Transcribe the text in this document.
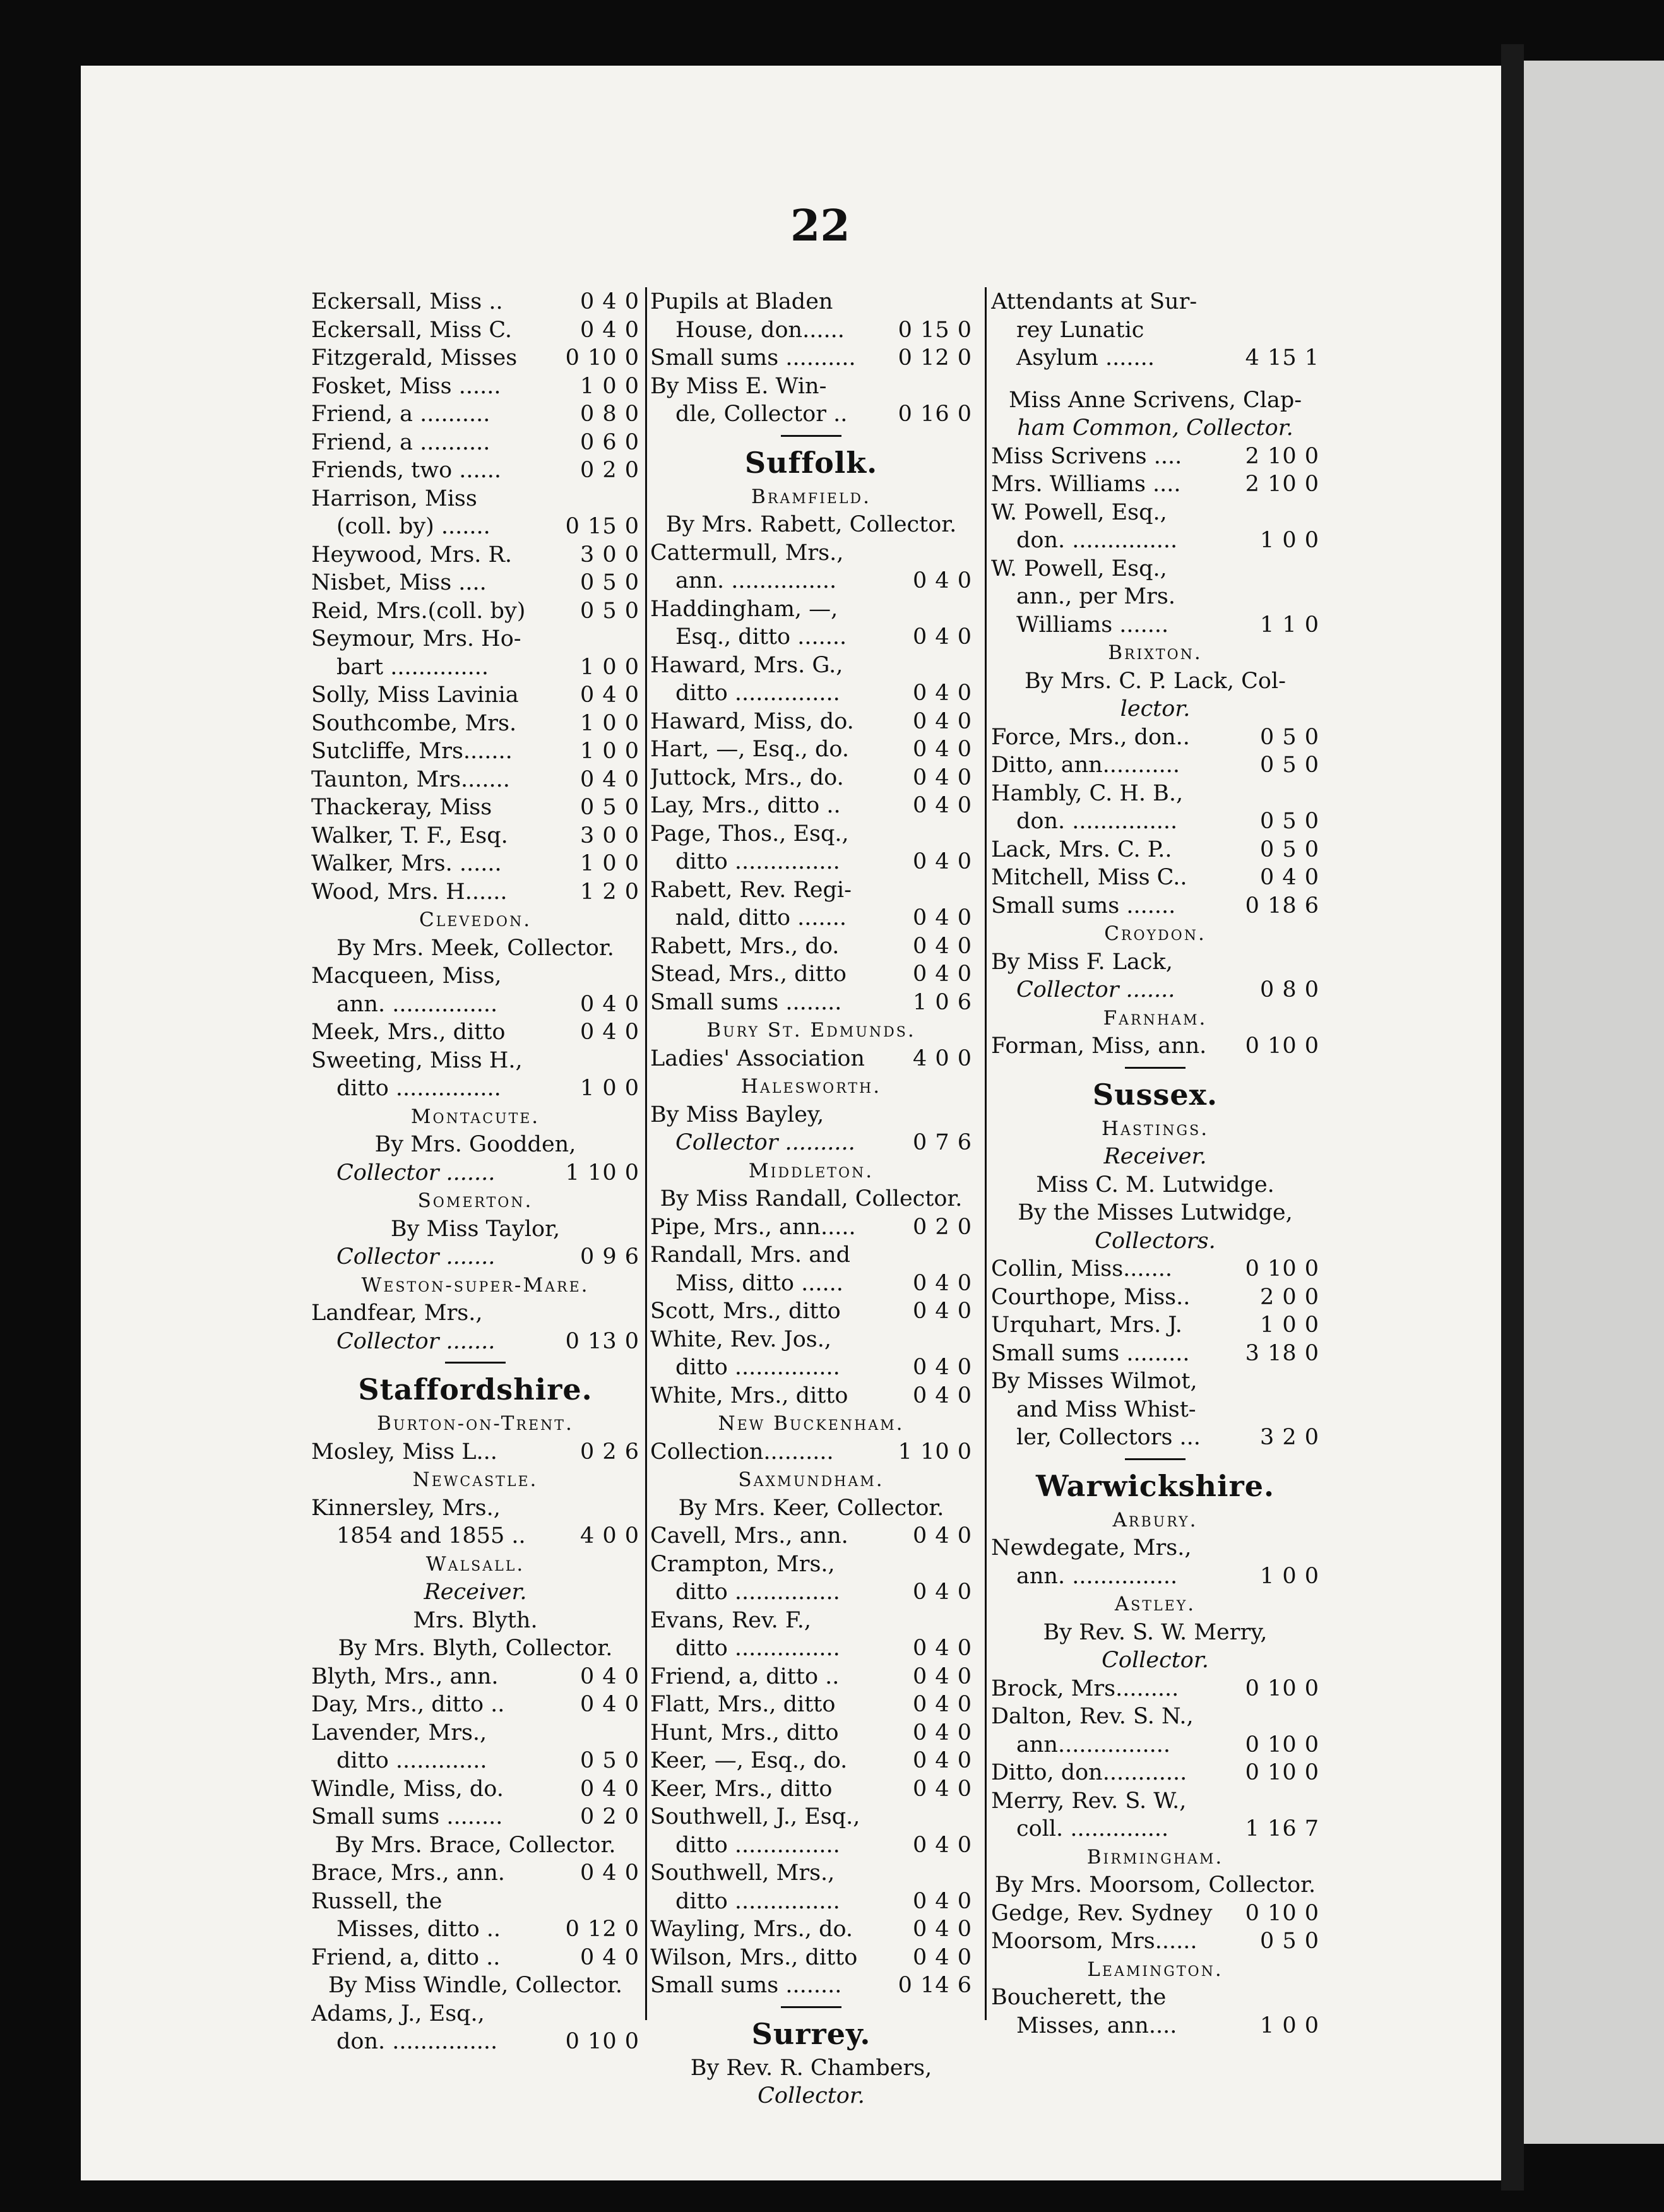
22
Eckersall, Miss ..	0 4 0
Eckersall, Miss C.	0 4 0
Fitzgerald, Misses 0 10 0
Fosket, Miss ......	1 0 0
Friend, a ..........	0 8 0
Friend, a ..........	0 6 0
Friends, two ......	0 2 0
Harrison, Miss
(coll. by) .......	0 15 0
Heywood, Mrs. R.	3 0 0
Nisbet, Miss ....	0 5 0
Reid, Mrs.(coll. by) 0 5 0
Seymour, Mrs. Ho-
bart ..............	1 0 0
Solly, Miss Lavinia	0 4 0
Southcombe, Mrs.	1 0 0
Sutcliffe, Mrs.......	1 0 0
Taunton, Mrs.......	0 4 0
Thackeray, Miss	0 5 0
Walker, T. F., Esq.	3 0 0
Walker, Mrs. ......	1 0 0
Wood, Mrs. H......	1 2 0
Clevedon.
By Mrs. Meek, Collector.
Macqueen, Miss,
ann. ...............	0 4 0
Meek, Mrs., ditto	0 4 0
Sweeting, Miss H.,
ditto ...............	1 0 0
Montacute.
By Mrs. Goodden,
Collector .......	1 10 0
Somerton.
By Miss Taylor,
Collector .......	0 9 6
Weston-super-Mare.
Landfear, Mrs.,
Collector .......	0 13 0
Staffordshire.
Burton-on-Trent.
Mosley, Miss L...	0 2 6
Newcastle.
Kinnersley, Mrs.,
1854 and 1855 .. 4 0 0
Walsall.
Receiver.
Mrs. Blyth.
By Mrs. Blyth, Collector.
Blyth, Mrs., ann.	0 4 0
Day, Mrs., ditto ..	0 4 0
Lavender, Mrs.,
ditto .............	0 5 0
Windle, Miss, do.	0 4 0
Small sums ........	0 2 0
By Mrs. Brace, Collector.
Brace, Mrs., ann.	0 4 0
Russell, the
Misses, ditto ..	0 12 0
Friend, a, ditto ..	0 4 0
By Miss Windle, Collector.
Adams, J., Esq.,
don. ...............	0 10 0
Pupils at Bladen
House, don...... 0 15 0
Small sums .......... 0 12 0
By Miss E. Win-
dle, Collector .. 0 16 0
Suffolk.
Bramfield.
By Mrs. Rabett, Collector.
Cattermull, Mrs.,
ann. ...............	0 4 0
Haddingham, —,
Esq., ditto .......	0 4 0
Haward, Mrs. G.,
ditto ...............	0 4 0
Haward, Miss, do.	0 4 0
Hart, —, Esq., do.	0 4 0
Juttock, Mrs., do.	0 4 0
Lay, Mrs., ditto ..	0 4 0
Page, Thos., Esq.,
ditto ...............	0 4 0
Rabett, Rev. Regi-
nald, ditto .......	0 4 0
Rabett, Mrs., do.	0 4 0
Stead, Mrs., ditto	0 4 0
Small sums ........	1 0 6
Bury St. Edmunds.
Ladies' Association 4 0 0
Halesworth.
By Miss Bayley,
Collector ..........	0 7 6
Middleton.
By Miss Randall, Collector.
Pipe, Mrs., ann.....	0 2 0
Randall, Mrs. and
Miss, ditto ......	0 4 0
Scott, Mrs., ditto	0 4 0
White, Rev. Jos.,
ditto ...............	0 4 0
White, Mrs., ditto	0 4 0
New Buckenham.
Collection..........	1 10 0
Saxmundham.
By Mrs. Keer, Collector.
Cavell, Mrs., ann.	0 4 0
Crampton, Mrs.,
ditto ...............	0 4 0
Evans, Rev. F.,
ditto ...............	0 4 0
Friend, a, ditto ..	0 4 0
Flatt, Mrs., ditto	0 4 0
Hunt, Mrs., ditto	0 4 0
Keer, —, Esq., do.	0 4 0
Keer, Mrs., ditto	0 4 0
Southwell, J., Esq.,
ditto ...............	0 4 0
Southwell, Mrs.,
ditto ...............	0 4 0
Wayling, Mrs., do.	0 4 0
Wilson, Mrs., ditto	0 4 0
Small sums ........	0 14 6
Surrey.
By Rev. R. Chambers,
Collector.
Attendants at Sur-
rey Lunatic
Asylum .......	4 15 1
Miss Anne Scrivens, Clap-
ham Common, Collector.
Miss Scrivens ....	2 10 0
Mrs. Williams ....	2 10 0
W. Powell, Esq.,
don. ...............	1 0 0
W. Powell, Esq.,
ann., per Mrs.
Williams .......	1 1 0
Brixton.
By Mrs. C. P. Lack, Col-
lector.
Force, Mrs., don..	0 5 0
Ditto, ann...........	0 5 0
Hambly, C. H. B.,
don. ...............	0 5 0
Lack, Mrs. C. P..	0 5 0
Mitchell, Miss C..	0 4 0
Small sums .......	0 18 6
Croydon.
By Miss F. Lack,
Collector .......	0 8 0
Farnham.
Forman, Miss, ann. 0 10 0
Sussex.
Hastings.
Receiver.
Miss C. M. Lutwidge.
By the Misses Lutwidge,
Collectors.
Collin, Miss.......	0 10 0
Courthope, Miss..	2 0 0
Urquhart, Mrs. J.	1 0 0
Small sums .........	3 18 0
By Misses Wilmot,
and Miss Whist-
ler, Collectors ...	3 2 0
Warwickshire.
Arbury.
Newdegate, Mrs.,
ann. ...............	1 0 0
Astley.
By Rev. S. W. Merry,
Collector.
Brock, Mrs.........	0 10 0
Dalton, Rev. S. N.,
ann................	0 10 0
Ditto, don............	0 10 0
Merry, Rev. S. W.,
coll. ..............	1 16 7
Birmingham.
By Mrs. Moorsom, Collector.
Gedge, Rev. Sydney 0 10 0
Moorsom, Mrs......	0 5 0
Leamington.
Boucherett, the
Misses, ann....	1 0 0
